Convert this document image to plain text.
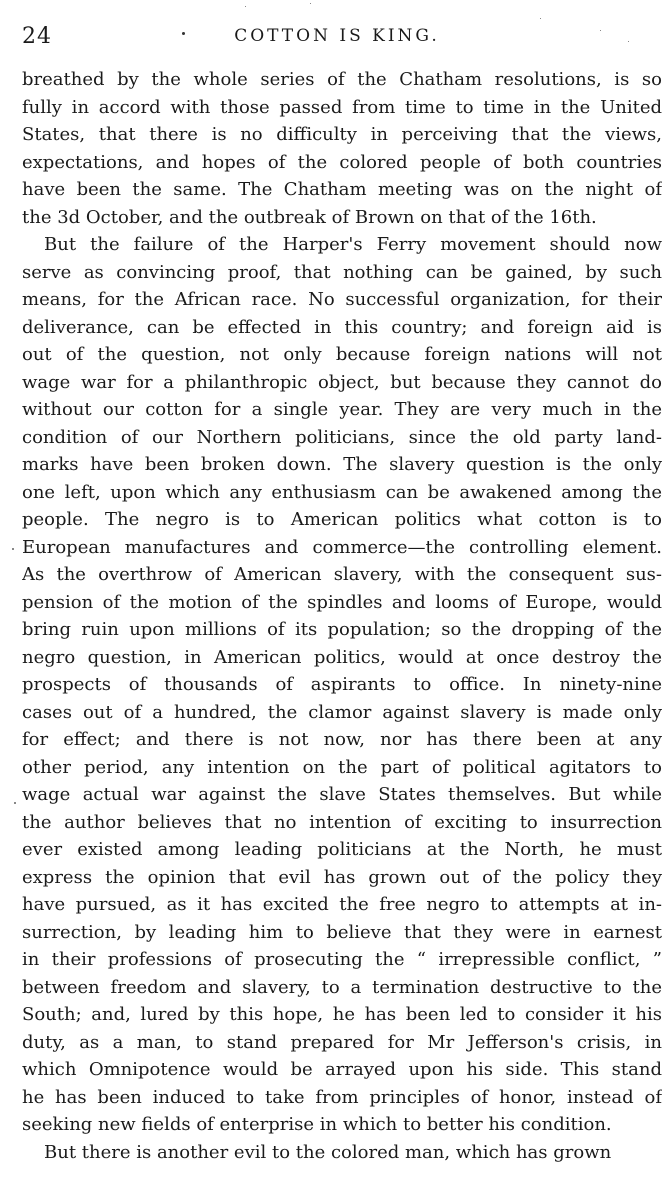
24	COTTON IS KING.
breathed by the whole series of the Chatham resolutions, is so
fully in accord with those passed from time to time in the United
States, that there is no difficulty in perceiving that the views,
expectations, and hopes of the colored people of both countries
have been the same. The Chatham meeting was on the night of
the 3d October, and the outbreak of Brown on that of the 16th.
But the failure of the Harper's Ferry movement should now
serve as convincing proof, that nothing can be gained, by such
means, for the African race. No successful organization, for their
deliverance, can be effected in this country; and foreign aid is
out of the question, not only because foreign nations will not
wage war for a philanthropic object, but because they cannot do
without our cotton for a single year. They are very much in the
condition of our Northern politicians, since the old party land-
marks have been broken down. The slavery question is the only
one left, upon which any enthusiasm can be awakened among the
people. The negro is to American politics what cotton is to
European manufactures and commerce—the controlling element.
As the overthrow of American slavery, with the consequent sus-
pension of the motion of the spindles and looms of Europe, would
bring ruin upon millions of its population; so the dropping of the
negro question, in American politics, would at once destroy the
prospects of thousands of aspirants to office. In ninety-nine
cases out of a hundred, the clamor against slavery is made only
for effect; and there is not now, nor has there been at any
other period, any intention on the part of political agitators to
wage actual war against the slave States themselves. But while
the author believes that no intention of exciting to insurrection
ever existed among leading politicians at the North, he must
express the opinion that evil has grown out of the policy they
have pursued, as it has excited the free negro to attempts at in-
surrection, by leading him to believe that they were in earnest
in their professions of prosecuting the “ irrepressible conflict, ”
between freedom and slavery, to a termination destructive to the
South; and, lured by this hope, he has been led to consider it his
duty, as a man, to stand prepared for Mr Jefferson's crisis, in
which Omnipotence would be arrayed upon his side. This stand
he has been induced to take from principles of honor, instead of
seeking new fields of enterprise in which to better his condition.
But there is another evil to the colored man, which has grown
